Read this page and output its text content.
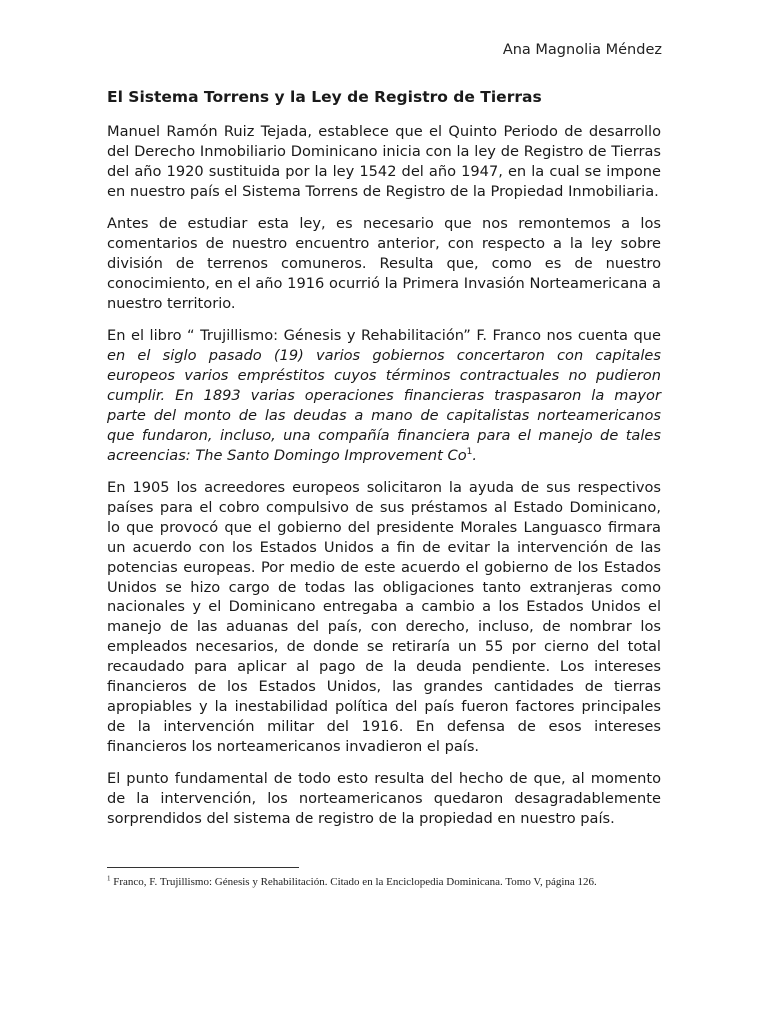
Ana Magnolia Méndez
El Sistema Torrens y la Ley de Registro de Tierras

Manuel Ramón Ruiz Tejada, establece que el Quinto Periodo de desarrollo del Derecho Inmobiliario Dominicano inicia con la ley de Registro de Tierras del año 1920 sustituida por la ley 1542 del año 1947, en la cual se impone en nuestro país el Sistema Torrens de Registro de la Propiedad Inmobiliaria.

Antes de estudiar esta ley, es necesario que nos remontemos a los comentarios de nuestro encuentro anterior, con respecto a la ley sobre división de terrenos comuneros. Resulta que, como es de nuestro conocimiento, en el año 1916 ocurrió la Primera Invasión Norteamericana a nuestro territorio.

En el libro “ Trujillismo: Génesis y Rehabilitación” F. Franco nos cuenta que en el siglo pasado (19) varios gobiernos concertaron con capitales europeos varios empréstitos cuyos términos contractuales no pudieron cumplir. En 1893 varias operaciones financieras traspasaron la mayor parte del monto de las deudas a mano de capitalistas norteamericanos que fundaron, incluso, una compañía financiera para el manejo de tales acreencias: The Santo Domingo Improvement Co$^1$.

En 1905 los acreedores europeos solicitaron la ayuda de sus respectivos países para el cobro compulsivo de sus préstamos al Estado Dominicano, lo que provocó que el gobierno del presidente Morales Languasco firmara un acuerdo con los Estados Unidos a fin de evitar la intervención de las potencias europeas. Por medio de este acuerdo el gobierno de los Estados Unidos se hizo cargo de todas las obligaciones tanto extranjeras como nacionales y el Dominicano entregaba a cambio a los Estados Unidos el manejo de las aduanas del país, con derecho, incluso, de nombrar los empleados necesarios, de donde se retiraría un 55 por cierno del total recaudado para aplicar al pago de la deuda pendiente. Los intereses financieros de los Estados Unidos, las grandes cantidades de tierras apropiables y la inestabilidad política del país fueron factores principales de la intervención militar del 1916. En defensa de esos intereses financieros los norteamericanos invadieron el país.

El punto fundamental de todo esto resulta del hecho de que, al momento de la intervención, los norteamericanos quedaron desagradablemente sorprendidos del sistema de registro de la propiedad en nuestro país.

$^1$ Franco, F. Trujillismo: Génesis y Rehabilitación. Citado en la Enciclopedia Dominicana. Tomo V, página 126.
